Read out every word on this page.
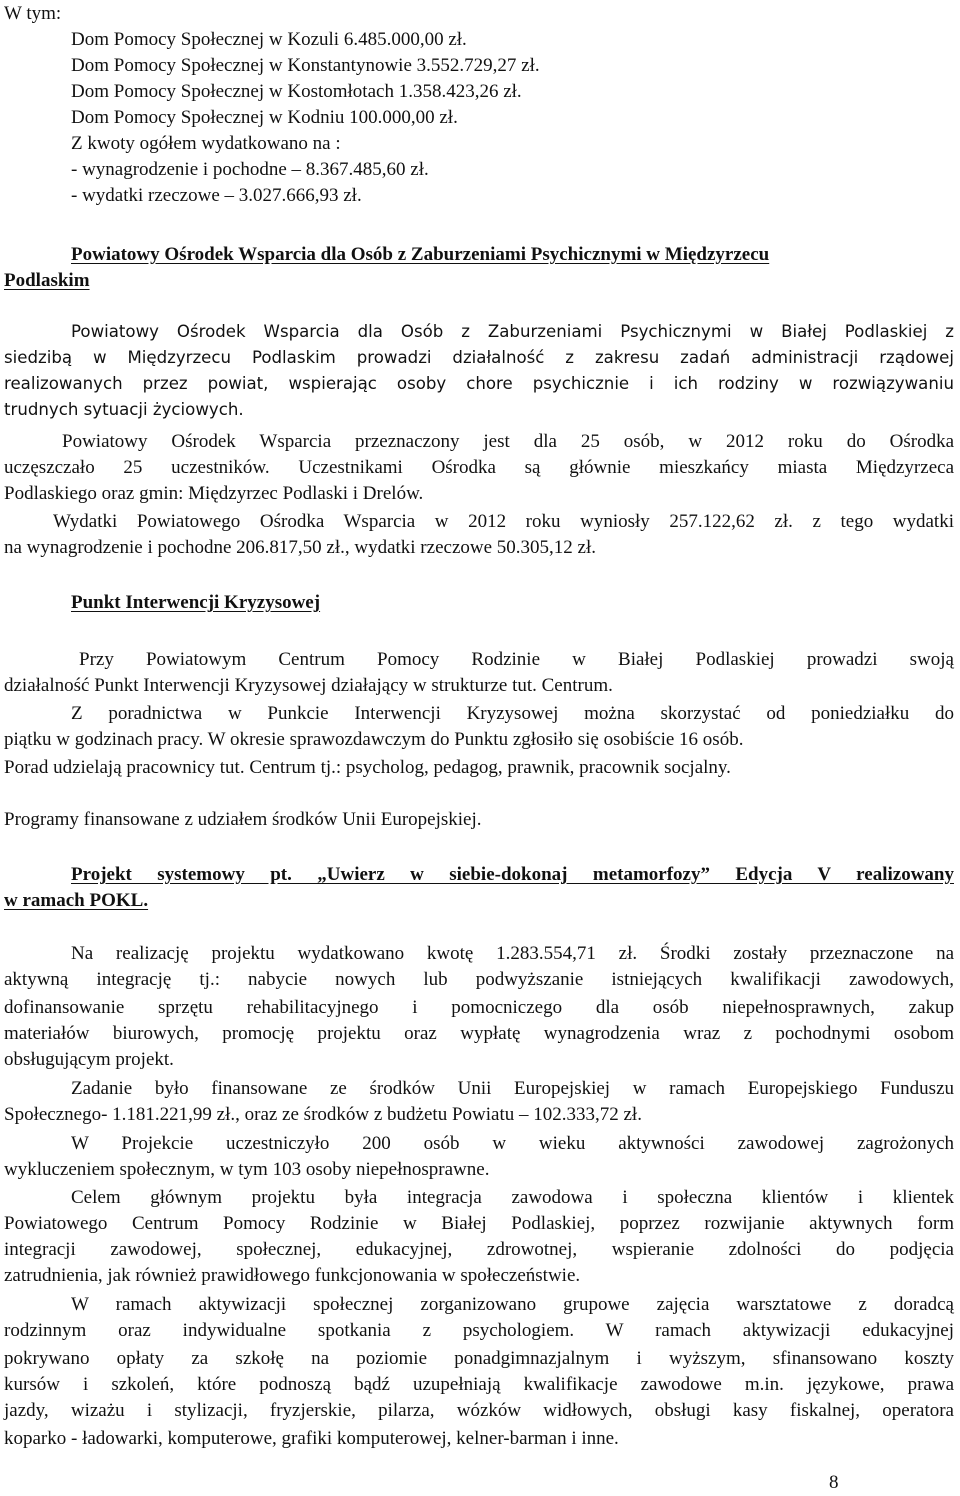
W tym:
Dom Pomocy Społecznej w Kozuli 6.485.000,00 zł.
Dom Pomocy Społecznej w Konstantynowie 3.552.729,27 zł.
Dom Pomocy Społecznej w Kostomłotach 1.358.423,26 zł.
Dom Pomocy Społecznej w Kodniu 100.000,00 zł.
Z kwoty ogółem wydatkowano na :
- wynagrodzenie i pochodne – 8.367.485,60 zł.
- wydatki rzeczowe – 3.027.666,93 zł.
Powiatowy Ośrodek Wsparcia dla Osób z Zaburzeniami Psychicznymi w Międzyrzecu
Podlaskim
Powiatowy Ośrodek Wsparcia dla Osób z Zaburzeniami Psychicznymi w Białej Podlaskiej z
siedzibą w Międzyrzecu Podlaskim prowadzi działalność z zakresu zadań administracji rządowej
realizowanych przez powiat, wspierając osoby chore psychicznie i ich rodziny w rozwiązywaniu
trudnych sytuacji życiowych.
Powiatowy Ośrodek Wsparcia przeznaczony jest dla 25 osób, w 2012 roku do Ośrodka
uczęszczało 25 uczestników. Uczestnikami Ośrodka są głównie mieszkańcy miasta Międzyrzeca
Podlaskiego oraz gmin: Międzyrzec Podlaski i Drelów.
Wydatki Powiatowego Ośrodka Wsparcia w 2012 roku wyniosły 257.122,62 zł. z tego wydatki
na wynagrodzenie i pochodne 206.817,50 zł., wydatki rzeczowe 50.305,12 zł.
Punkt Interwencji Kryzysowej
Przy Powiatowym Centrum Pomocy Rodzinie w Białej Podlaskiej prowadzi swoją
działalność Punkt Interwencji Kryzysowej działający w strukturze tut. Centrum.
Z poradnictwa w Punkcie Interwencji Kryzysowej można skorzystać od poniedziałku do
piątku w godzinach pracy. W okresie sprawozdawczym do Punktu zgłosiło się osobiście 16 osób.
Porad udzielają pracownicy tut. Centrum tj.: psycholog, pedagog, prawnik, pracownik socjalny.
Programy finansowane z udziałem środków Unii Europejskiej.
Projekt systemowy pt. „Uwierz w siebie-dokonaj metamorfozy” Edycja V realizowany
w ramach POKL.
Na realizację projektu wydatkowano kwotę 1.283.554,71 zł. Środki zostały przeznaczone na
aktywną integrację tj.: nabycie nowych lub podwyższanie istniejących kwalifikacji zawodowych,
dofinansowanie sprzętu rehabilitacyjnego i pomocniczego dla osób niepełnosprawnych, zakup
materiałów biurowych, promocję projektu oraz wypłatę wynagrodzenia wraz z pochodnymi osobom
obsługującym projekt.
Zadanie było finansowane ze środków Unii Europejskiej w ramach Europejskiego Funduszu
Społecznego- 1.181.221,99 zł., oraz ze środków z budżetu Powiatu – 102.333,72 zł.
W Projekcie uczestniczyło 200 osób w wieku aktywności zawodowej zagrożonych
wykluczeniem społecznym, w tym 103 osoby niepełnosprawne.
Celem głównym projektu była integracja zawodowa i społeczna klientów i klientek
Powiatowego Centrum Pomocy Rodzinie w Białej Podlaskiej, poprzez rozwijanie aktywnych form
integracji zawodowej, społecznej, edukacyjnej, zdrowotnej, wspieranie zdolności do podjęcia
zatrudnienia, jak również prawidłowego funkcjonowania w społeczeństwie.
W ramach aktywizacji społecznej zorganizowano grupowe zajęcia warsztatowe z doradcą
rodzinnym oraz indywidualne spotkania z psychologiem. W ramach aktywizacji edukacyjnej
pokrywano opłaty za szkołę na poziomie ponadgimnazjalnym i wyższym, sfinansowano koszty
kursów i szkoleń, które podnoszą bądź uzupełniają kwalifikacje zawodowe m.in. językowe, prawa
jazdy, wizażu i stylizacji, fryzjerskie, pilarza, wózków widłowych, obsługi kasy fiskalnej, operatora
koparko - ładowarki, komputerowe, grafiki komputerowej, kelner-barman i inne.
8
